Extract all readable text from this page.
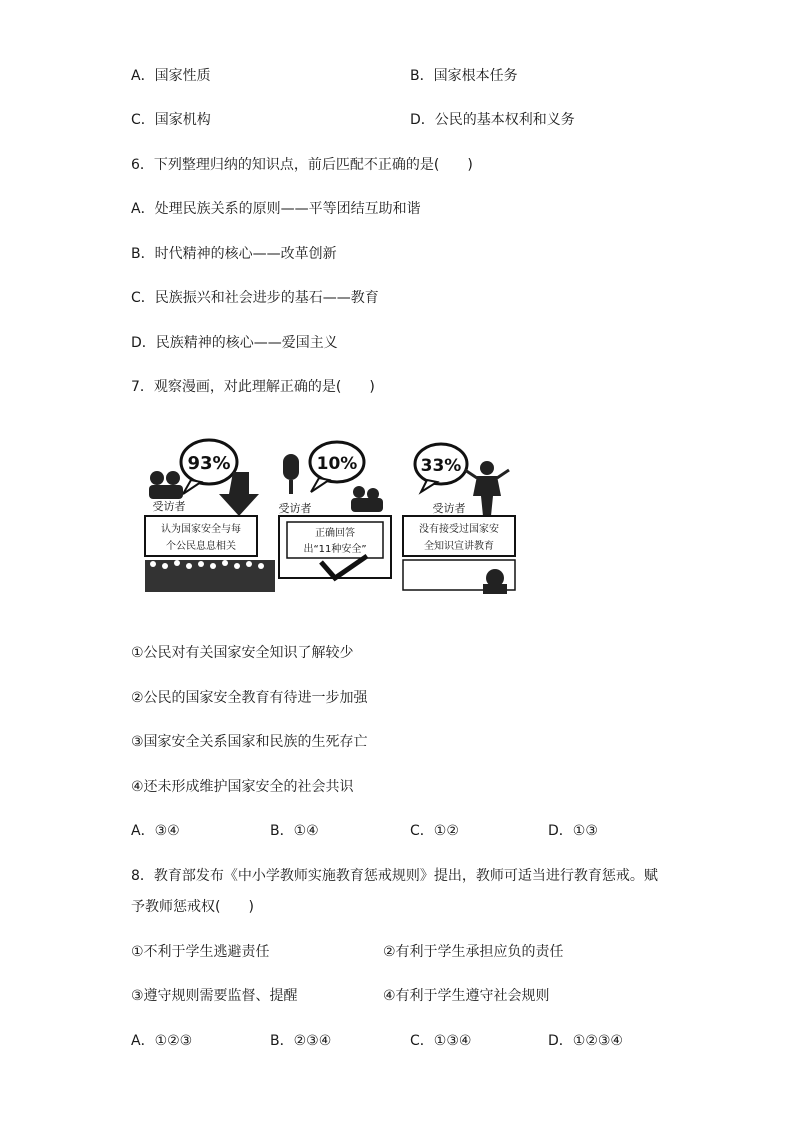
A．国家性质	B．国家根本任务
C．国家机构	D．公民的基本权利和义务
6．下列整理归纳的知识点，前后匹配不正确的是(　　)
A．处理民族关系的原则——平等团结互助和谐
B．时代精神的核心——改革创新
C．民族振兴和社会进步的基石——教育
D．民族精神的核心——爱国主义
7．观察漫画，对此理解正确的是(　　)
93%
受访者
认为国家安全与每
个公民息息相关
10%
受访者
正确回答
出“11种安全”
33%
受访者
没有接受过国家安
全知识宣讲教育
①公民对有关国家安全知识了解较少
②公民的国家安全教育有待进一步加强
③国家安全关系国家和民族的生死存亡
④还未形成维护国家安全的社会共识
A．③④	B．①④	C．①②	D．①③
8．教育部发布《中小学教师实施教育惩戒规则》提出，教师可适当进行教育惩戒。赋
予教师惩戒权(　　)
①不利于学生逃避责任	②有利于学生承担应负的责任
③遵守规则需要监督、提醒	④有利于学生遵守社会规则
A．①②③	B．②③④	C．①③④	D．①②③④
